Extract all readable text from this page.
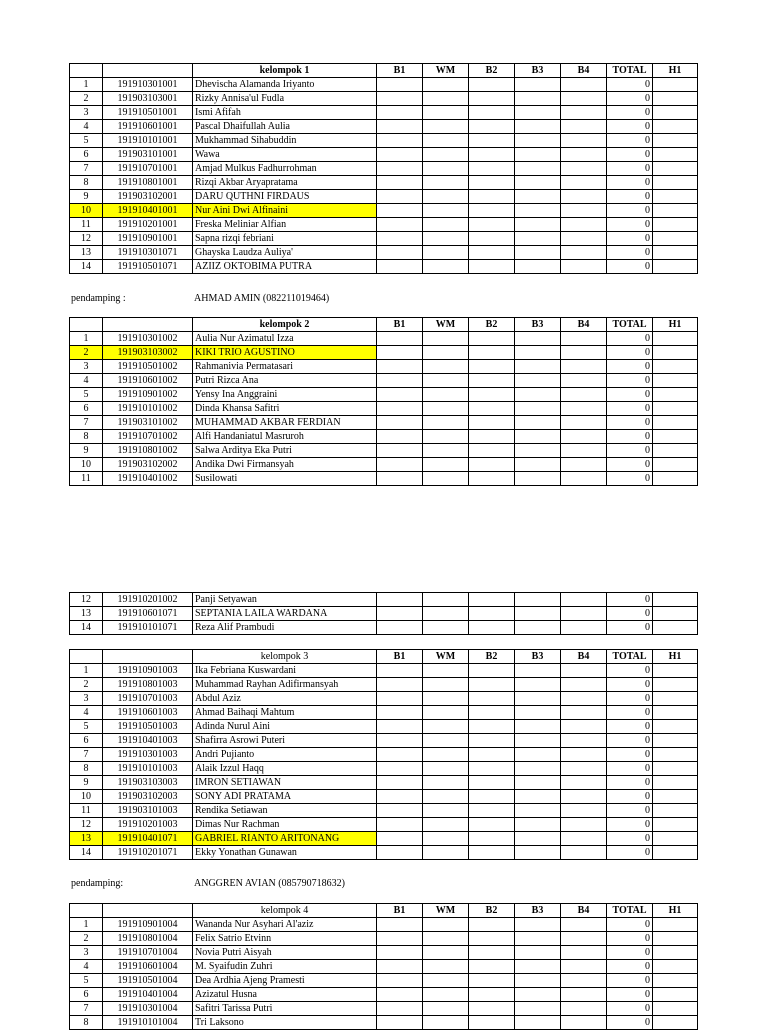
		kelompok 1	B1	WM	B2	B3	B4	TOTAL	H1
1	191910301001	Dhevischa Alamanda Iriyanto						0	
2	191903103001	Rizky Annisa'ul Fudla						0	
3	191910501001	Ismi Afifah						0	
4	191910601001	Pascal Dhaifullah Aulia						0	
5	191910101001	Mukhammad Sihabuddin						0	
6	191903101001	Wawa						0	
7	191910701001	Amjad Mulkus Fadhurrohman						0	
8	191910801001	Rizqi Akbar Aryapratama						0	
9	191903102001	DARU QUTHNI FIRDAUS						0	
10	191910401001	Nur Aini Dwi Alfinaini						0	
11	191910201001	Freska Meliniar Alfian						0	
12	191910901001	Sapna rizqi febriani						0	
13	191910301071	Ghayska Laudza Auliya'						0	
14	191910501071	AZIIZ OKTOBIMA PUTRA						0	
pendamping :	AHMAD AMIN (082211019464)
		kelompok 2	B1	WM	B2	B3	B4	TOTAL	H1
1	191910301002	Aulia Nur Azimatul Izza						0	
2	191903103002	KIKI TRIO AGUSTINO						0	
3	191910501002	Rahmanivia Permatasari						0	
4	191910601002	Putri Rizca Ana						0	
5	191910901002	Yensy Ina Anggraini						0	
6	191910101002	Dinda Khansa Safitri						0	
7	191903101002	MUHAMMAD AKBAR FERDIAN						0	
8	191910701002	Alfi Handaniatul Masruroh						0	
9	191910801002	Salwa Arditya Eka Putri						0	
10	191903102002	Andika Dwi Firmansyah						0	
11	191910401002	Susilowati						0	
12	191910201002	Panji Setyawan						0	
13	191910601071	SEPTANIA LAILA WARDANA						0	
14	191910101071	Reza Alif Prambudi						0	
		kelompok 3	B1	WM	B2	B3	B4	TOTAL	H1
1	191910901003	Ika Febriana Kuswardani						0	
2	191910801003	Muhammad Rayhan Adifirmansyah						0	
3	191910701003	Abdul Aziz						0	
4	191910601003	Ahmad Baihaqi Mahtum						0	
5	191910501003	Adinda Nurul Aini						0	
6	191910401003	Shafirra Asrowi Puteri						0	
7	191910301003	Andri Pujianto						0	
8	191910101003	Alaik Izzul Haqq						0	
9	191903103003	IMRON SETIAWAN						0	
10	191903102003	SONY ADI PRATAMA						0	
11	191903101003	Rendika Setiawan						0	
12	191910201003	Dimas Nur Rachman						0	
13	191910401071	GABRIEL RIANTO ARITONANG						0	
14	191910201071	Ekky Yonathan Gunawan						0	
pendamping:	ANGGREN AVIAN (085790718632)
		kelompok 4	B1	WM	B2	B3	B4	TOTAL	H1
1	191910901004	Wananda Nur Asyhari Al'aziz						0	
2	191910801004	Felix Satrio Etvinn						0	
3	191910701004	Novia Putri Aisyah						0	
4	191910601004	M. Syaifudin Zuhri						0	
5	191910501004	Dea Ardhia Ajeng Pramesti						0	
6	191910401004	Azizatul Husna						0	
7	191910301004	Safitri Tarissa Putri						0	
8	191910101004	Tri Laksono						0	
